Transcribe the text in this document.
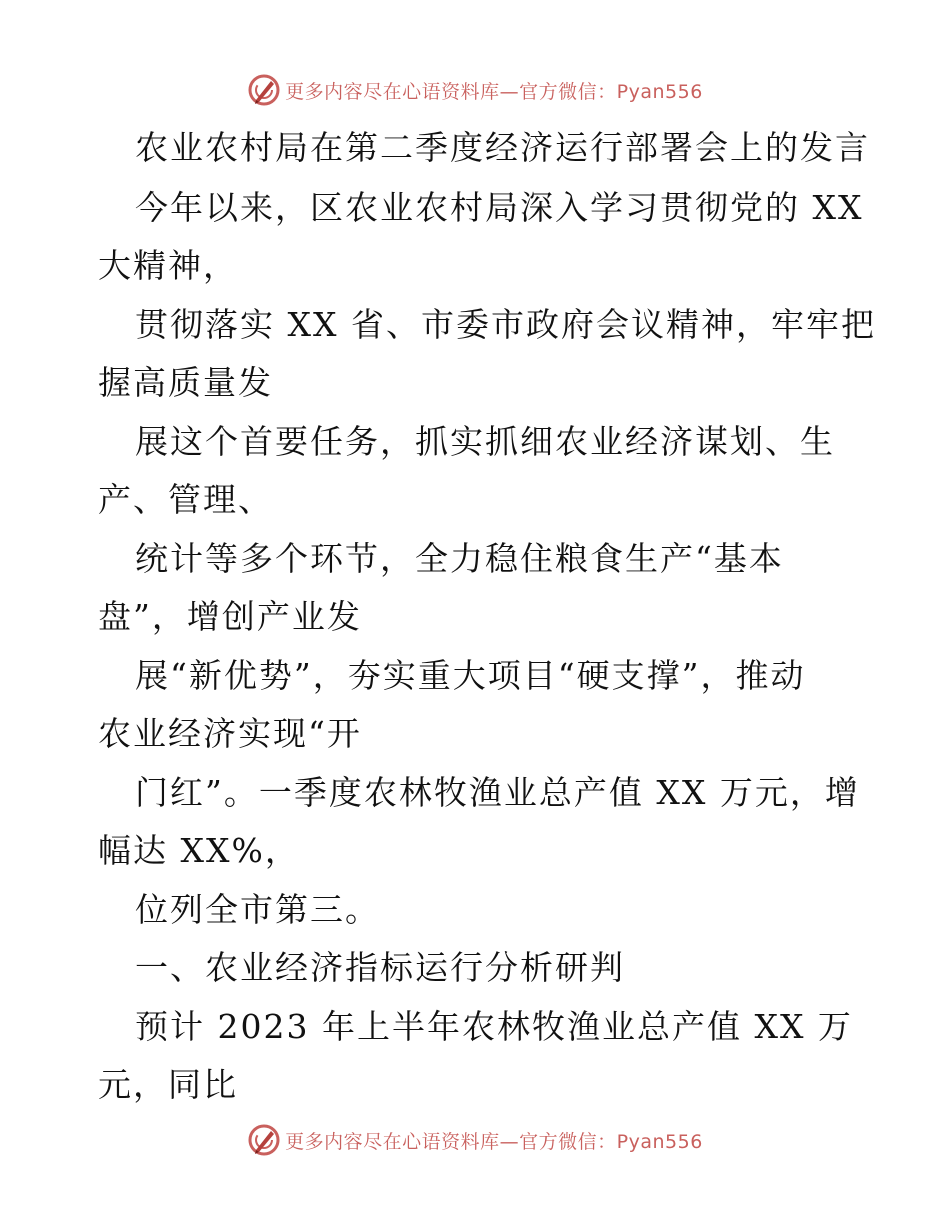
更多内容尽在心语资料库—官方微信：Pyan556
农业农村局在第二季度经济运行部署会上的发言
今年以来，区农业农村局深入学习贯彻党的 XX
大精神，
贯彻落实 XX 省、市委市政府会议精神，牢牢把
握高质量发
展这个首要任务，抓实抓细农业经济谋划、生
产、管理、
统计等多个环节，全力稳住粮食生产“基本
盘”，增创产业发
展“新优势”，夯实重大项目“硬支撑”，推动
农业经济实现“开
门红”。一季度农林牧渔业总产值 XX 万元，增
幅达 XX%，
位列全市第三。
一、农业经济指标运行分析研判
预计 2023 年上半年农林牧渔业总产值 XX 万
元，同比
更多内容尽在心语资料库—官方微信：Pyan556
